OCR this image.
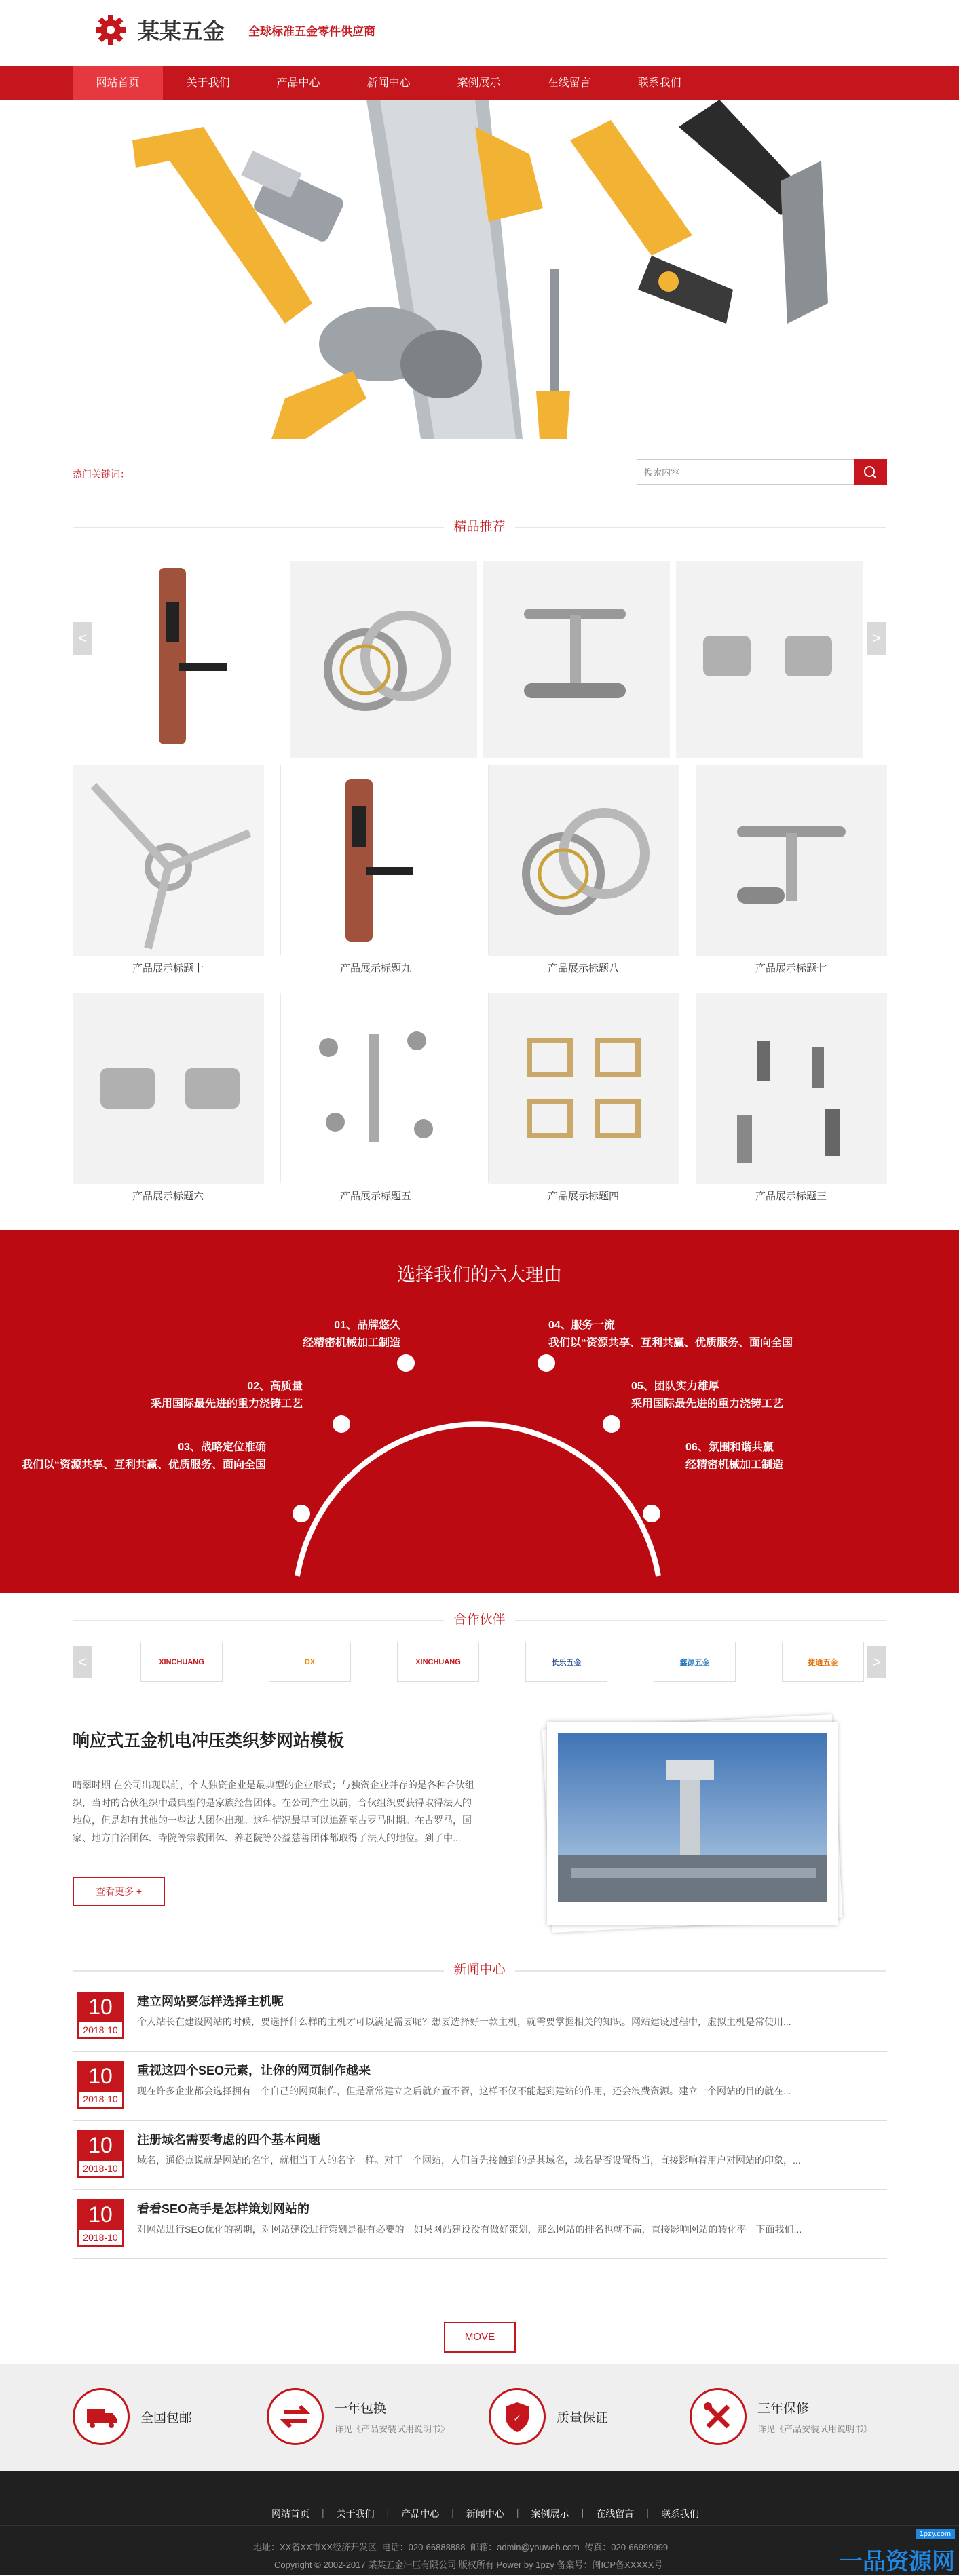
某某五金	全球标准五金零件供应商
网站首页	关于我们	产品中心	新闻中心	案例展示	在线留言	联系我们
热门关键词：
搜索内容
精品推荐
<	>
产品展示标题十	产品展示标题九	产品展示标题八	产品展示标题七
产品展示标题六	产品展示标题五	产品展示标题四	产品展示标题三
选择我们的六大理由
01、品牌悠久
经精密机械加工制造
02、高质量
采用国际最先进的重力浇铸工艺
03、战略定位准确
我们以“资源共享、互利共赢、优质服务、面向全国
04、服务一流
我们以“资源共享、互利共赢、优质服务、面向全国
05、团队实力雄厚
采用国际最先进的重力浇铸工艺
06、氛围和谐共赢
经精密机械加工制造
合作伙伴
<	>
XINCHUANG	DX	XINCHUANG	长乐五金	鑫源五金	捷通五金
响应式五金机电冲压类织梦网站模板

晴翠时期 在公司出现以前，个人独资企业是最典型的企业形式；与独资企业并存的是各种合伙组织，当时的合伙组织中最典型的是家族经营团体。在公司产生以前，合伙组织要获得取得法人的地位，但是却有其他的一些法人团体出现。这种情况最早可以追溯至古罗马时期。在古罗马，国家、地方自治团体、寺院等宗教团体、养老院等公益慈善团体都取得了法人的地位。到了中...

查看更多 +
新闻中心
10
2018-10
建立网站要怎样选择主机呢
个人站长在建设网站的时候，要选择什么样的主机才可以满足需要呢？想要选择好一款主机，就需要掌握相关的知识。网站建设过程中，虚拟主机是常使用...
10
2018-10
重视这四个SEO元素，让你的网页制作越来
现在许多企业都会选择拥有一个自己的网页制作，但是常常建立之后就弃置不管，这样不仅不能起到建站的作用，还会浪费资源。建立一个网站的目的就在...
10
2018-10
注册域名需要考虑的四个基本问题
域名，通俗点说就是网站的名字，就相当于人的名字一样。对于一个网站，人们首先接触到的是其域名，域名是否设置得当，直接影响着用户对网站的印象，...
10
2018-10
看看SEO高手是怎样策划网站的
对网站进行SEO优化的初期，对网站建设进行策划是很有必要的。如果网站建设没有做好策划，那么网站的排名也就不高，直接影响网站的转化率。下面我们...
MOVE
全国包邮
一年包换
详见《产品安装试用说明书》
✓	质量保证
三年保修
详见《产品安装试用说明书》
网站首页	|	关于我们	|	产品中心	|	新闻中心	|	案例展示	|	在线留言	|	联系我们
地址：XX省XX市XX经济开发区 电话：020-66888888 邮箱：admin@youweb.com 传真：020-66999999
Copyright © 2002-2017 某某五金冲压有限公司 版权所有 Power by 1pzy 备案号：闽ICP备XXXXX号
1pzy.com
一品资源网
